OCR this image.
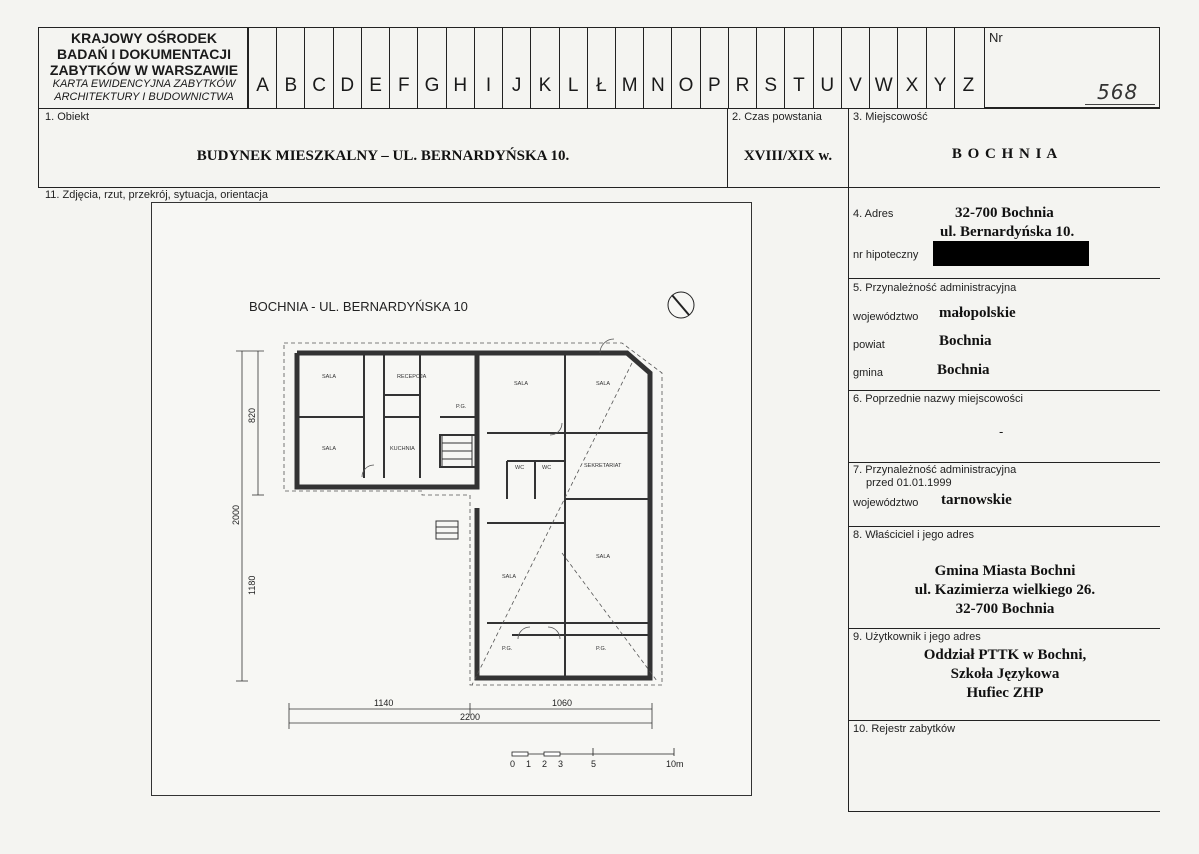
KRAJOWY OŚRODEK
BADAŃ I DOKUMENTACJI
ZABYTKÓW W WARSZAWIE
KARTA EWIDENCYJNA ZABYTKÓW
ARCHITEKTURY I BUDOWNICTWA
A B C D E F G H I	J K L Ł M N O P R S T U V W X Y Z
Nr
568
1. Obiekt
BUDYNEK MIESZKALNY – UL. BERNARDYŃSKA 10.
2. Czas powstania
XVIII/XIX w.
3. Miejscowość
B O C H N I A
11. Zdjęcia, rzut, przekrój, sytuacja, orientacja
BOCHNIA - UL. BERNARDYŃSKA 10
SALA	RECEPCJA
SALA	SALA
P.G.
SALA	KUCHNIA
SEKRETARIAT
WC	WC
SALA
SALA
P.G.	P.G.
820
2000
1180
1140	1060
2200
0 1 2 3	5	10m
4. Adres	32-700 Bochnia
ul. Bernardyńska 10.
nr hipoteczny
5. Przynależność administracyjna
województwo małopolskie
powiat	Bochnia
gmina	Bochnia
6. Poprzednie nazwy miejscowości
-
7. Przynależność administracyjna
przed 01.01.1999
województwo tarnowskie
8. Właściciel i jego adres
Gmina Miasta Bochni
ul. Kazimierza wielkiego 26.
32-700 Bochnia
9. Użytkownik i jego adres
Oddział PTTK w Bochni,
Szkoła Językowa
Hufiec ZHP
10. Rejestr zabytków
